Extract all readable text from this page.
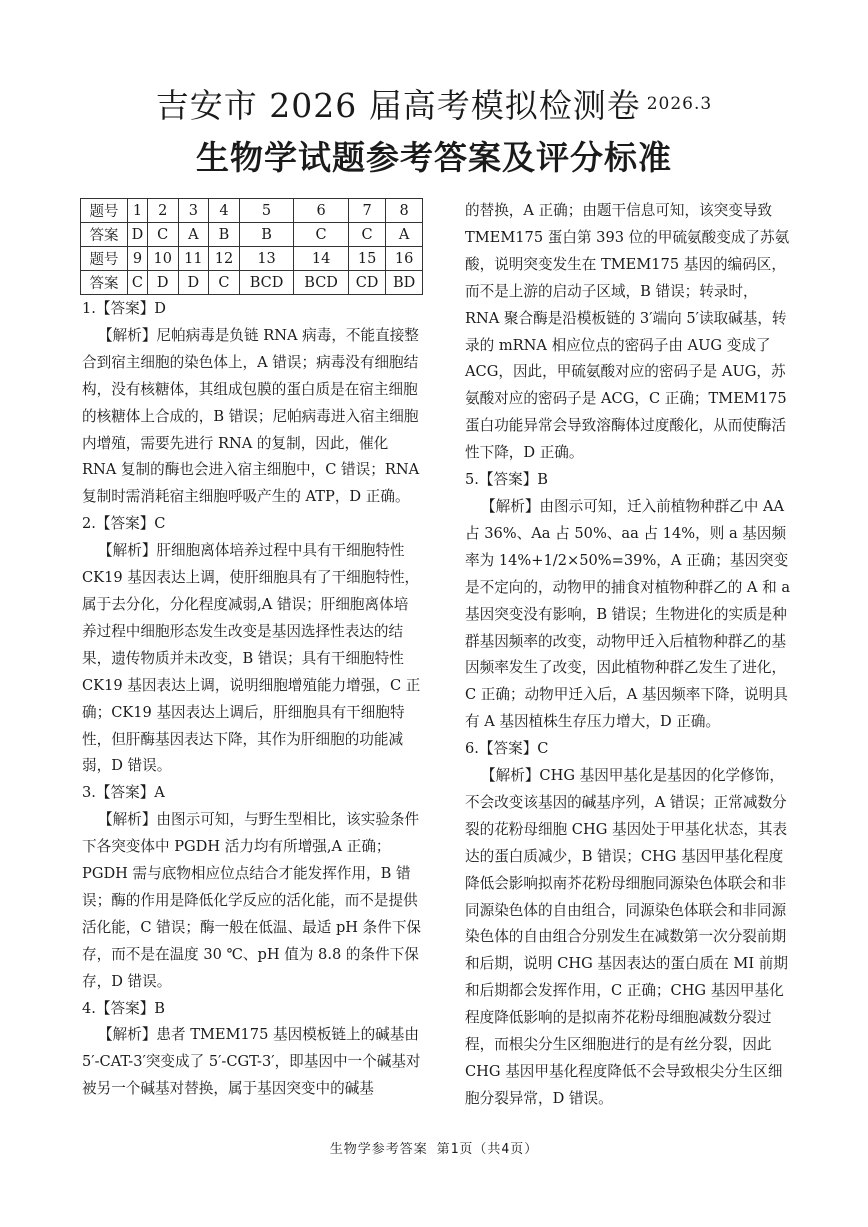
吉安市 2026 届高考模拟检测卷 $^{2026.3}$
生物学试题参考答案及评分标准
题号	1	2	3	4	5	6	7	8
答案	D	C	A	B	B	C	C	A
题号	9	10	11	12	13	14	15	16
答案	C	D	D	C	BCD	BCD	CD	BD

1.【答案】D

【解析】尼帕病毒是负链 RNA 病毒，不能直接整合到宿主细胞的染色体上，A 错误；病毒没有细胞结构，没有核糖体，其组成包膜的蛋白质是在宿主细胞的核糖体上合成的，B 错误；尼帕病毒进入宿主细胞内增殖，需要先进行 RNA 的复制，因此，催化 RNA 复制的酶也会进入宿主细胞中，C 错误；RNA 复制时需消耗宿主细胞呼吸产生的 ATP，D 正确。

2.【答案】C

【解析】肝细胞离体培养过程中具有干细胞特性 CK19 基因表达上调，使肝细胞具有了干细胞特性，属于去分化，分化程度减弱,A 错误；肝细胞离体培养过程中细胞形态发生改变是基因选择性表达的结果，遗传物质并未改变，B 错误；具有干细胞特性 CK19 基因表达上调，说明细胞增殖能力增强，C 正确；CK19 基因表达上调后，肝细胞具有干细胞特性，但肝酶基因表达下降，其作为肝细胞的功能减弱，D 错误。

3.【答案】A

【解析】由图示可知，与野生型相比，该实验条件下各突变体中 PGDH 活力均有所增强,A 正确；PGDH 需与底物相应位点结合才能发挥作用，B 错误；酶的作用是降低化学反应的活化能，而不是提供活化能，C 错误；酶一般在低温、最适 pH 条件下保存，而不是在温度 30 ℃、pH 值为 8.8 的条件下保存，D 错误。

4.【答案】B

【解析】患者 TMEM175 基因模板链上的碱基由 5′-CAT-3′突变成了 5′-CGT-3′，即基因中一个碱基对被另一个碱基对替换，属于基因突变中的碱基

的替换，A 正确；由题干信息可知，该突变导致 TMEM175 蛋白第 393 位的甲硫氨酸变成了苏氨酸，说明突变发生在 TMEM175 基因的编码区，而不是上游的启动子区域，B 错误；转录时，RNA 聚合酶是沿模板链的 3′端向 5′读取碱基，转录的 mRNA 相应位点的密码子由 AUG 变成了 ACG，因此，甲硫氨酸对应的密码子是 AUG，苏氨酸对应的密码子是 ACG，C 正确；TMEM175 蛋白功能异常会导致溶酶体过度酸化，从而使酶活性下降，D 正确。

5.【答案】B

【解析】由图示可知，迁入前植物种群乙中 AA 占 36%、Aa 占 50%、aa 占 14%，则 a 基因频率为 14%+1/2×50%=39%，A 正确；基因突变是不定向的，动物甲的捕食对植物种群乙的 A 和 a 基因突变没有影响，B 错误；生物进化的实质是种群基因频率的改变，动物甲迁入后植物种群乙的基因频率发生了改变，因此植物种群乙发生了进化，C 正确；动物甲迁入后，A 基因频率下降，说明具有 A 基因植株生存压力增大，D 正确。

6.【答案】C

【解析】CHG 基因甲基化是基因的化学修饰，不会改变该基因的碱基序列，A 错误；正常减数分裂的花粉母细胞 CHG 基因处于甲基化状态，其表达的蛋白质减少，B 错误；CHG 基因甲基化程度降低会影响拟南芥花粉母细胞同源染色体联会和非同源染色体的自由组合，同源染色体联会和非同源染色体的自由组合分别发生在减数第一次分裂前期和后期，说明 CHG 基因表达的蛋白质在 MI 前期和后期都会发挥作用，C 正确；CHG 基因甲基化程度降低影响的是拟南芥花粉母细胞减数分裂过程，而根尖分生区细胞进行的是有丝分裂，因此 CHG 基因甲基化程度降低不会导致根尖分生区细胞分裂异常，D 错误。

生物学参考答案 第1页（共4页）
